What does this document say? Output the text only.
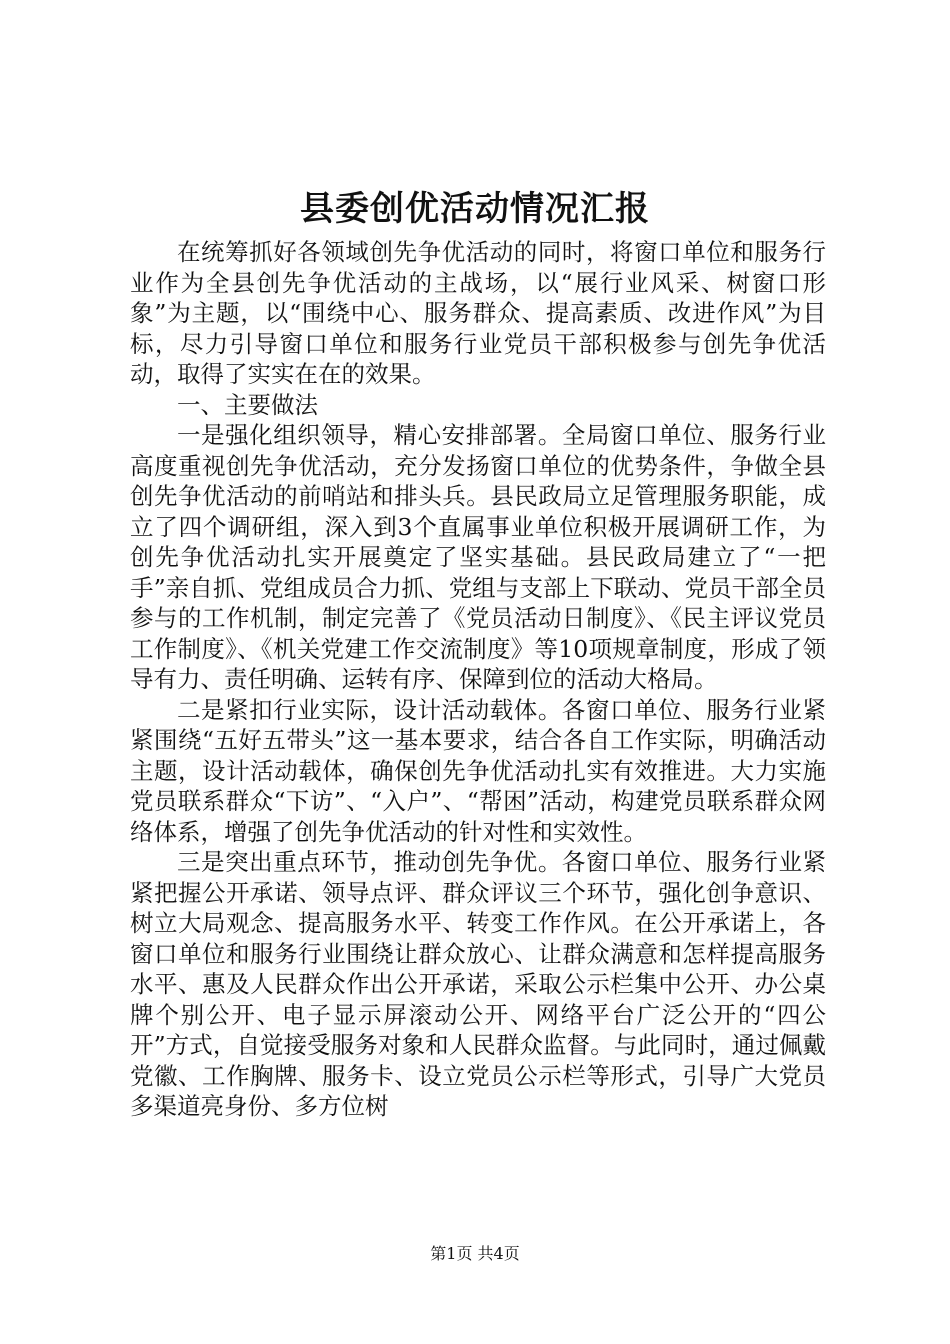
县委创优活动情况汇报

在统筹抓好各领域创先争优活动的同时，将窗口单位和服务行业作为全县创先争优活动的主战场，以“展行业风采、树窗口形象”为主题，以“围绕中心、服务群众、提高素质、改进作风”为目标，尽力引导窗口单位和服务行业党员干部积极参与创先争优活动，取得了实实在在的效果。

一、主要做法

一是强化组织领导，精心安排部署。全局窗口单位、服务行业高度重视创先争优活动，充分发扬窗口单位的优势条件，争做全县创先争优活动的前哨站和排头兵。县民政局立足管理服务职能，成立了四个调研组，深入到3个直属事业单位积极开展调研工作，为创先争优活动扎实开展奠定了坚实基础。县民政局建立了“一把手”亲自抓、党组成员合力抓、党组与支部上下联动、党员干部全员参与的工作机制，制定完善了《党员活动日制度》、《民主评议党员工作制度》、《机关党建工作交流制度》等10项规章制度，形成了领导有力、责任明确、运转有序、保障到位的活动大格局。

二是紧扣行业实际，设计活动载体。各窗口单位、服务行业紧紧围绕“五好五带头”这一基本要求，结合各自工作实际，明确活动主题，设计活动载体，确保创先争优活动扎实有效推进。大力实施党员联系群众“下访”、“入户”、“帮困”活动，构建党员联系群众网络体系，增强了创先争优活动的针对性和实效性。

三是突出重点环节，推动创先争优。各窗口单位、服务行业紧紧把握公开承诺、领导点评、群众评议三个环节，强化创争意识、树立大局观念、提高服务水平、转变工作作风。在公开承诺上，各窗口单位和服务行业围绕让群众放心、让群众满意和怎样提高服务水平、惠及人民群众作出公开承诺，采取公示栏集中公开、办公桌牌个别公开、电子显示屏滚动公开、网络平台广泛公开的“四公开”方式，自觉接受服务对象和人民群众监督。与此同时，通过佩戴党徽、工作胸牌、服务卡、设立党员公示栏等形式，引导广大党员多渠道亮身份、多方位树

第1页 共4页
